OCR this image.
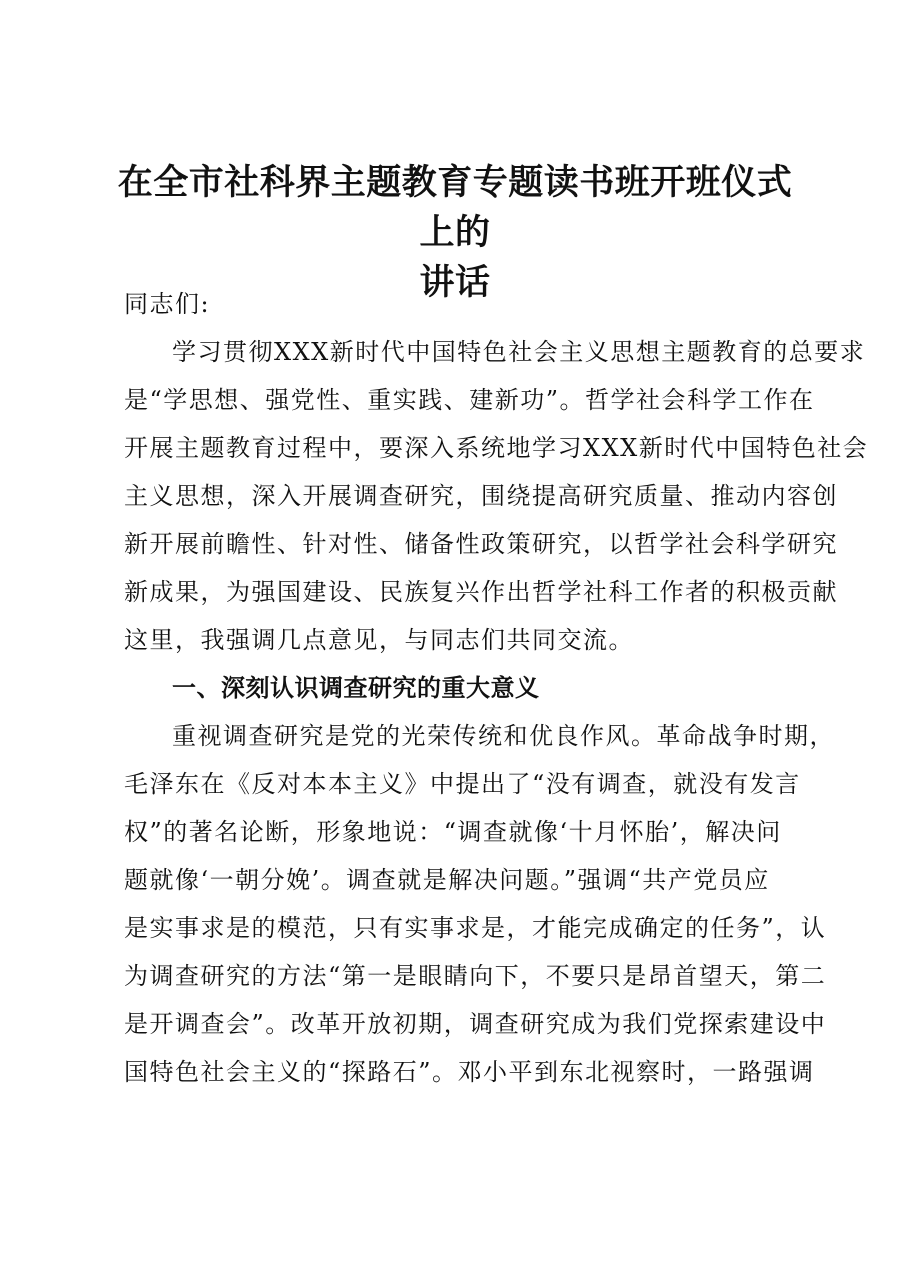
在全市社科界主题教育专题读书班开班仪式上的
讲话
同志们:
学习贯彻XXX新时代中国特色社会主义思想主题教育的总要求
是“学思想、强党性、重实践、建新功”。哲学社会科学工作在
开展主题教育过程中，要深入系统地学习XXX新时代中国特色社会
主义思想，深入开展调查研究，围绕提高研究质量、推动内容创
新开展前瞻性、针对性、储备性政策研究，以哲学社会科学研究
新成果，为强国建设、民族复兴作出哲学社科工作者的积极贡献
这里，我强调几点意见，与同志们共同交流。
一、深刻认识调查研究的重大意义
重视调查研究是党的光荣传统和优良作风。革命战争时期，
毛泽东在《反对本本主义》中提出了“没有调查，就没有发言
权”的著名论断，形象地说：“调查就像‘十月怀胎’，解决问
题就像‘一朝分娩’。调查就是解决问题。”强调“共产党员应
是实事求是的模范，只有实事求是，才能完成确定的任务”，认
为调查研究的方法“第一是眼睛向下，不要只是昂首望天，第二
是开调查会”。改革开放初期，调查研究成为我们党探索建设中
国特色社会主义的“探路石”。邓小平到东北视察时，一路强调
